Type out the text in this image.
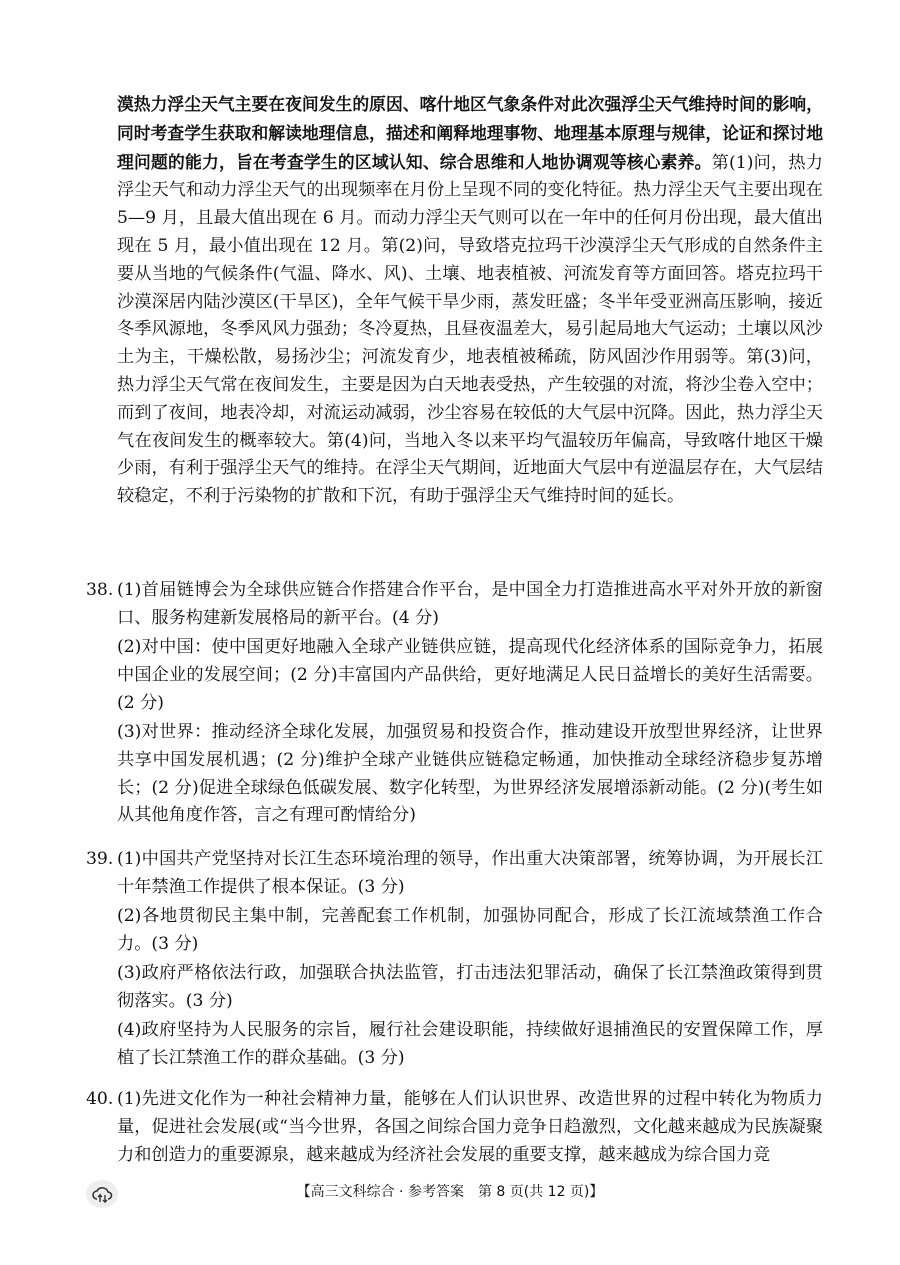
漠热力浮尘天气主要在夜间发生的原因、喀什地区气象条件对此次强浮尘天气维持时间的影响，同时考查学生获取和解读地理信息，描述和阐释地理事物、地理基本原理与规律，论证和探讨地理问题的能力，旨在考查学生的区域认知、综合思维和人地协调观等核心素养。第(1)问，热力浮尘天气和动力浮尘天气的出现频率在月份上呈现不同的变化特征。热力浮尘天气主要出现在 5—9 月，且最大值出现在 6 月。而动力浮尘天气则可以在一年中的任何月份出现，最大值出现在 5 月，最小值出现在 12 月。第(2)问，导致塔克拉玛干沙漠浮尘天气形成的自然条件主要从当地的气候条件(气温、降水、风)、土壤、地表植被、河流发育等方面回答。塔克拉玛干沙漠深居内陆沙漠区(干旱区)，全年气候干旱少雨，蒸发旺盛；冬半年受亚洲高压影响，接近冬季风源地，冬季风风力强劲；冬冷夏热，且昼夜温差大，易引起局地大气运动；土壤以风沙土为主，干燥松散，易扬沙尘；河流发育少，地表植被稀疏，防风固沙作用弱等。第(3)问，热力浮尘天气常在夜间发生，主要是因为白天地表受热，产生较强的对流，将沙尘卷入空中；而到了夜间，地表冷却，对流运动减弱，沙尘容易在较低的大气层中沉降。因此，热力浮尘天气在夜间发生的概率较大。第(4)问，当地入冬以来平均气温较历年偏高，导致喀什地区干燥少雨，有利于强浮尘天气的维持。在浮尘天气期间，近地面大气层中有逆温层存在，大气层结较稳定，不利于污染物的扩散和下沉，有助于强浮尘天气维持时间的延长。

38. (1)首届链博会为全球供应链合作搭建合作平台，是中国全力打造推进高水平对外开放的新窗口、服务构建新发展格局的新平台。(4 分)

(2)对中国：使中国更好地融入全球产业链供应链，提高现代化经济体系的国际竞争力，拓展中国企业的发展空间；(2 分)丰富国内产品供给，更好地满足人民日益增长的美好生活需要。(2 分)

(3)对世界：推动经济全球化发展，加强贸易和投资合作，推动建设开放型世界经济，让世界共享中国发展机遇；(2 分)维护全球产业链供应链稳定畅通，加快推动全球经济稳步复苏增长；(2 分)促进全球绿色低碳发展、数字化转型，为世界经济发展增添新动能。(2 分)(考生如从其他角度作答，言之有理可酌情给分)

39. (1)中国共产党坚持对长江生态环境治理的领导，作出重大决策部署，统筹协调，为开展长江十年禁渔工作提供了根本保证。(3 分)

(2)各地贯彻民主集中制，完善配套工作机制，加强协同配合，形成了长江流域禁渔工作合力。(3 分)

(3)政府严格依法行政，加强联合执法监管，打击违法犯罪活动，确保了长江禁渔政策得到贯彻落实。(3 分)

(4)政府坚持为人民服务的宗旨，履行社会建设职能，持续做好退捕渔民的安置保障工作，厚植了长江禁渔工作的群众基础。(3 分)

40. (1)先进文化作为一种社会精神力量，能够在人们认识世界、改造世界的过程中转化为物质力量，促进社会发展(或“当今世界，各国之间综合国力竞争日趋激烈，文化越来越成为民族凝聚力和创造力的重要源泉，越来越成为经济社会发展的重要支撑，越来越成为综合国力竞

【高三文科综合 · 参考答案　第 8 页(共 12 页)】
